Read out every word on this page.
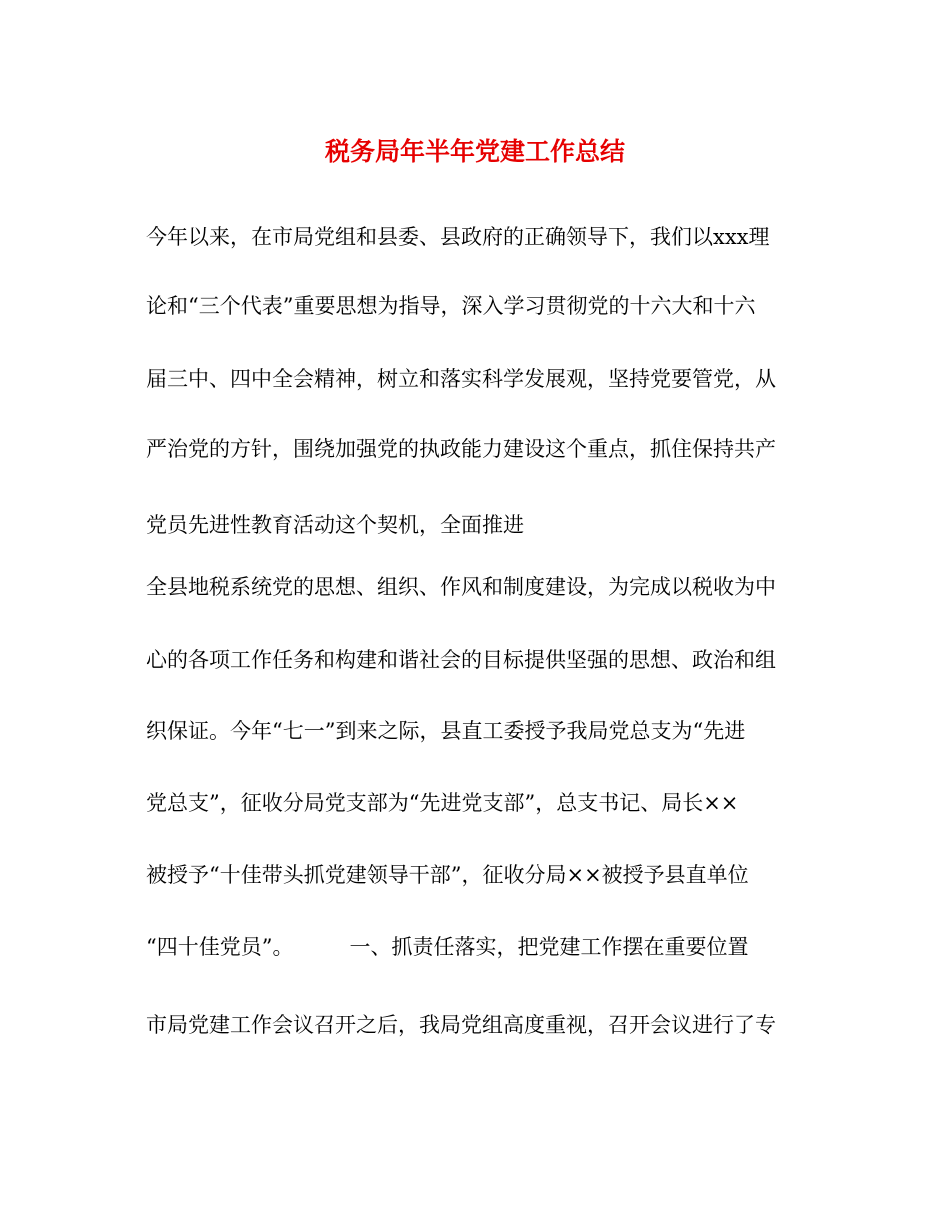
税务局年半年党建工作总结
今年以来，在市局党组和县委、县政府的正确领导下，我们以xxx理
论和“三个代表”重要思想为指导，深入学习贯彻党的十六大和十六
届三中、四中全会精神，树立和落实科学发展观，坚持党要管党，从
严治党的方针，围绕加强党的执政能力建设这个重点，抓住保持共产
党员先进性教育活动这个契机，全面推进
全县地税系统党的思想、组织、作风和制度建设，为完成以税收为中
心的各项工作任务和构建和谐社会的目标提供坚强的思想、政治和组
织保证。今年“七一”到来之际，县直工委授予我局党总支为“先进
党总支”，征收分局党支部为“先进党支部”，总支书记、局长××
被授予“十佳带头抓党建领导干部”，征收分局××被授予县直单位
“四十佳党员”。	一、抓责任落实，把党建工作摆在重要位置
市局党建工作会议召开之后，我局党组高度重视，召开会议进行了专
